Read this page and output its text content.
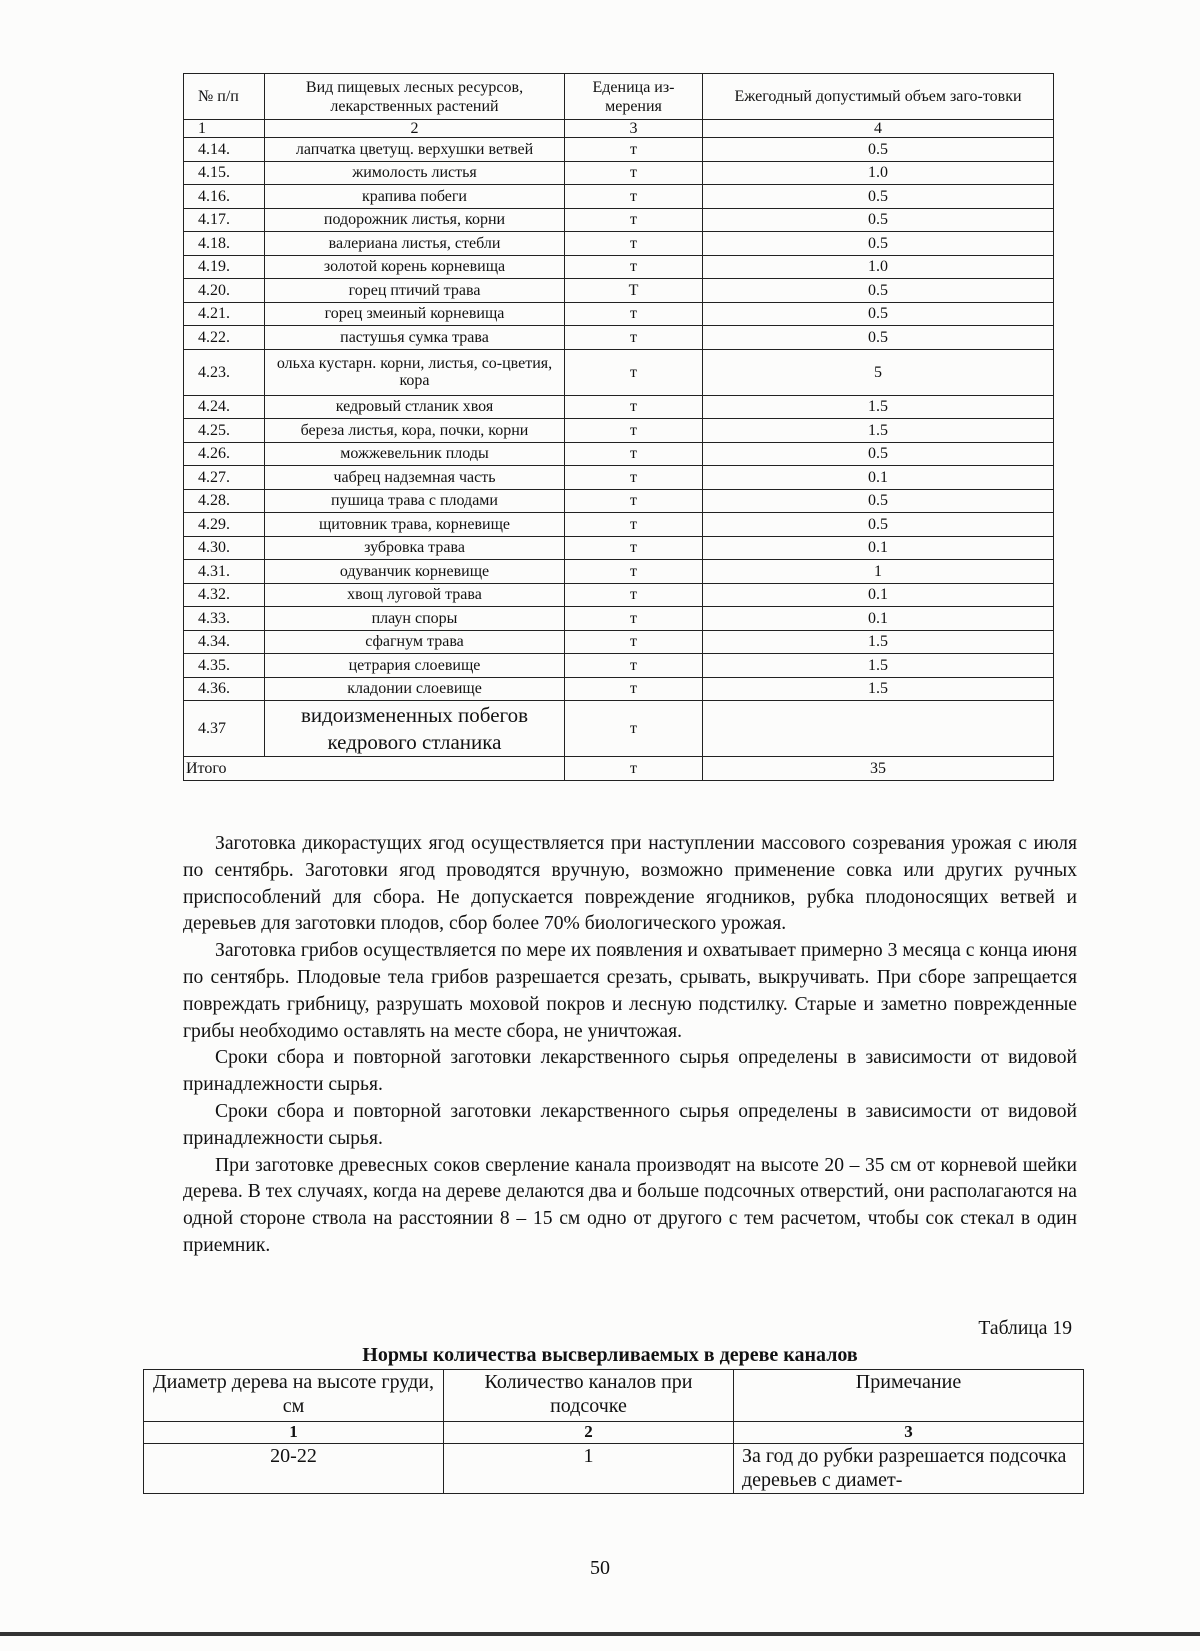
№ п/п	Вид пищевых лесных ресурсов, лекарственных растений	Еденица из-мерения	Ежегодный допустимый объем заго-товки
1	2	3	4
4.14.	лапчатка цветущ. верхушки ветвей	т	0.5
4.15.	жимолость листья	т	1.0
4.16.	крапива побеги	т	0.5
4.17.	подорожник листья, корни	т	0.5
4.18.	валериана листья, стебли	т	0.5
4.19.	золотой корень корневища	т	1.0
4.20.	горец птичий трава	Т	0.5
4.21.	горец змеиный корневища	т	0.5
4.22.	пастушья сумка трава	т	0.5
4.23.	ольха кустарн. корни, листья, со-цветия, кора	т	5
4.24.	кедровый стланик хвоя	т	1.5
4.25.	береза листья, кора, почки, корни	т	1.5
4.26.	можжевельник плоды	т	0.5
4.27.	чабрец надземная часть	т	0.1
4.28.	пушица трава с плодами	т	0.5
4.29.	щитовник трава, корневище	т	0.5
4.30.	зубровка трава	т	0.1
4.31.	одуванчик корневище	т	1
4.32.	хвощ луговой трава	т	0.1
4.33.	плаун споры	т	0.1
4.34.	сфагнум трава	т	1.5
4.35.	цетрария слоевище	т	1.5
4.36.	кладонии слоевище	т	1.5
4.37	видоизмененных побегов кедрового стланика	т	
Итого		т	35

Заготовка дикорастущих ягод осуществляется при наступлении массового созревания урожая с июля по сентябрь. Заготовки ягод проводятся вручную, возможно применение совка или других ручных приспособлений для сбора. Не допускается повреждение ягодников, рубка плодоносящих ветвей и деревьев для заготовки плодов, сбор более 70% биологического урожая.

Заготовка грибов осуществляется по мере их появления и охватывает примерно 3 месяца с конца июня по сентябрь. Плодовые тела грибов разрешается срезать, срывать, выкручивать. При сборе запрещается повреждать грибницу, разрушать моховой покров и лесную подстилку. Старые и заметно поврежденные грибы необходимо оставлять на месте сбора, не уничтожая.

Сроки сбора и повторной заготовки лекарственного сырья определены в зависимости от видовой принадлежности сырья.

Сроки сбора и повторной заготовки лекарственного сырья определены в зависимости от видовой принадлежности сырья.

При заготовке древесных соков сверление канала производят на высоте 20 – 35 см от корневой шейки дерева. В тех случаях, когда на дереве делаются два и больше подсочных отверстий, они располагаются на одной стороне ствола на расстоянии 8 – 15 см одно от другого с тем расчетом, чтобы сок стекал в один приемник.

Таблица 19
Нормы количества высверливаемых в дереве каналов
Диаметр дерева на высоте груди, см	Количество каналов при подсочке	Примечание
1	2	3
20-22	1	За год до рубки разрешается подсочка деревьев с диамет-
50
